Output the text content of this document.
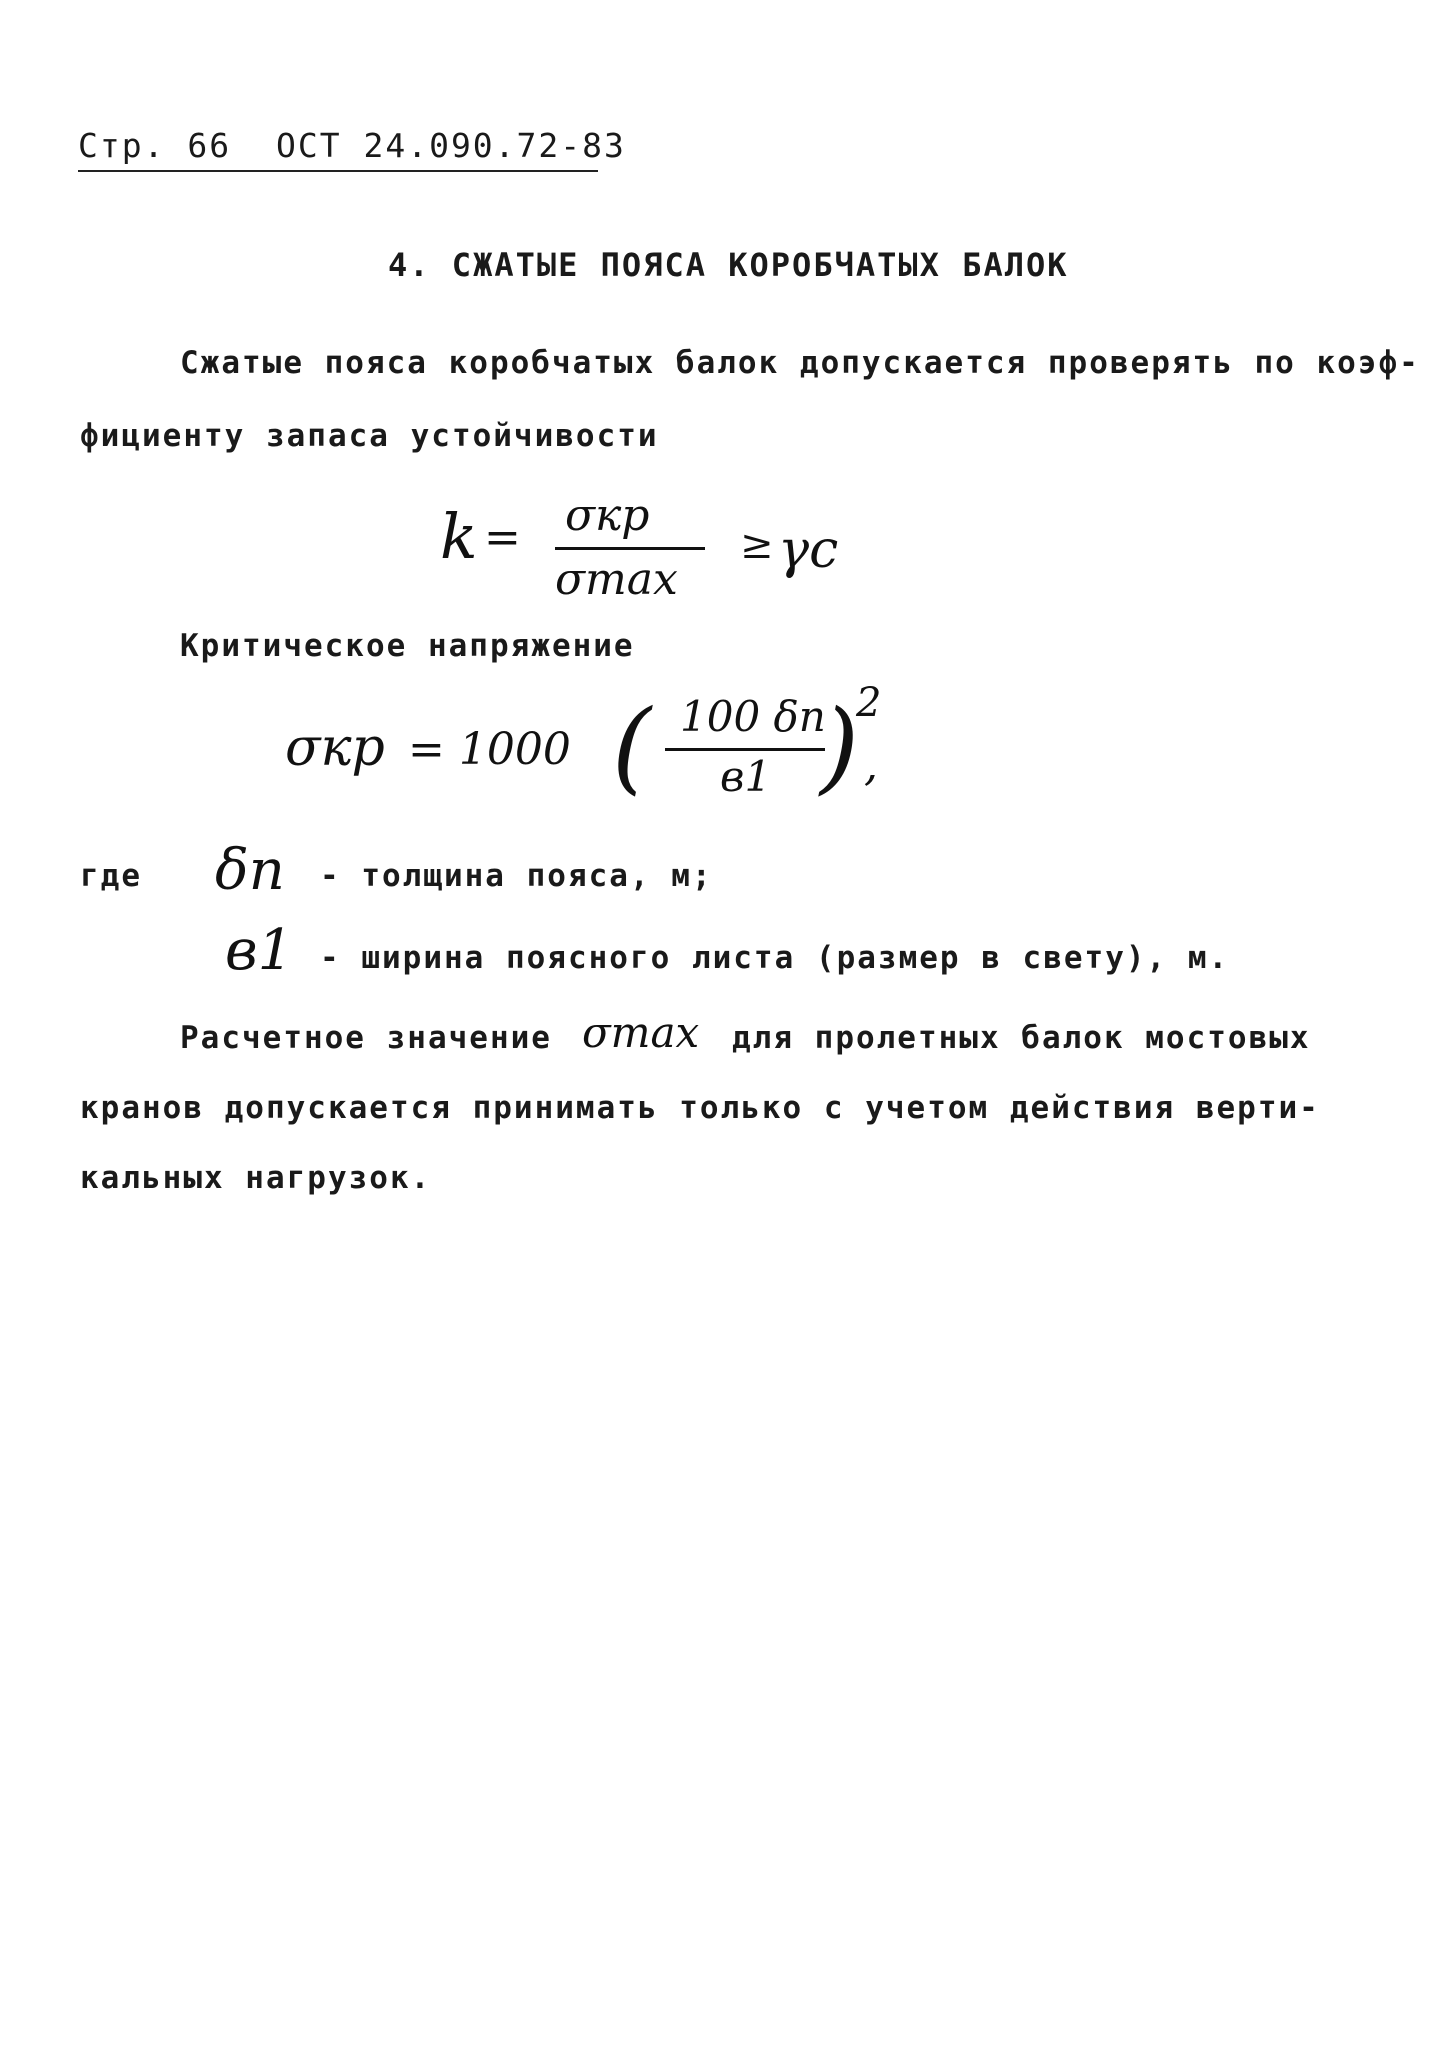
Стр. 66 ОСТ 24.090.72-83
4. СЖАТЫЕ ПОЯСА КОРОБЧАТЫХ БАЛОК
Сжатые пояса коробчатых балок допускается проверять по коэф-
фициенту запаса устойчивости
k = σкр
σmax
≥ γc
Критическое напряжение
σкр = 1000 ( 100 δп
в1 )
2
,
где δп - толщина пояса, м;
в1 - ширина поясного листа (размер в свету), м.
Расчетное значение σmax для пролетных балок мостовых
кранов допускается принимать только с учетом действия верти-
кальных нагрузок.
